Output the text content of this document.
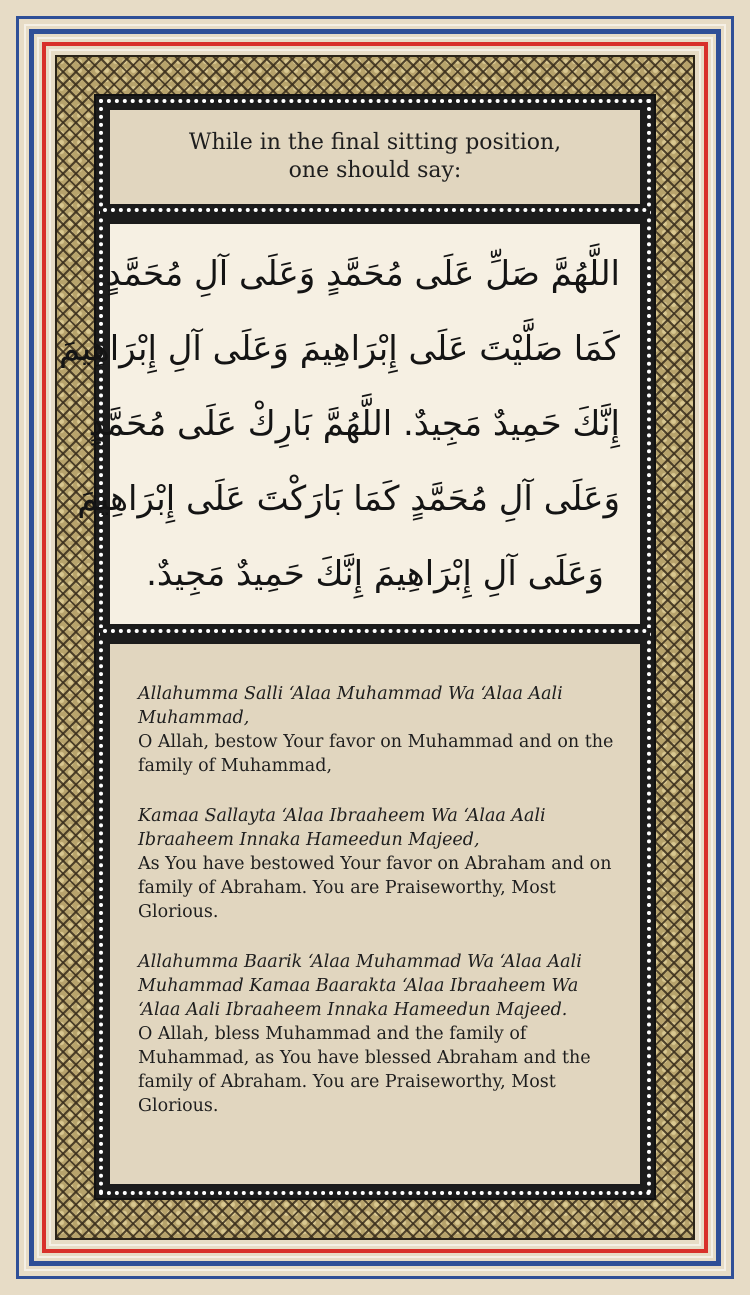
While in the final sitting position,
one should say:
اللَّهُمَّ صَلِّ عَلَى مُحَمَّدٍ وَعَلَى آلِ مُحَمَّدٍ
كَمَا صَلَّيْتَ عَلَى إِبْرَاهِيمَ وَعَلَى آلِ إِبْرَاهِيمَ
إِنَّكَ حَمِيدٌ مَجِيدٌ. اللَّهُمَّ بَارِكْ عَلَى مُحَمَّدٍ
وَعَلَى آلِ مُحَمَّدٍ كَمَا بَارَكْتَ عَلَى إِبْرَاهِيمَ
وَعَلَى آلِ إِبْرَاهِيمَ إِنَّكَ حَمِيدٌ مَجِيدٌ.

Allahumma Salli ‘Alaa Muhammad Wa ‘Alaa Aali Muhammad,
O Allah, bestow Your favor on Muhammad and on the family of Muhammad,

Kamaa Sallayta ‘Alaa Ibraaheem Wa ‘Alaa Aali Ibraaheem Innaka Hameedun Majeed,
As You have bestowed Your favor on Abraham and on family of Abraham. You are Praiseworthy, Most Glorious.

Allahumma Baarik ‘Alaa Muhammad Wa ‘Alaa Aali Muhammad Kamaa Baarakta ‘Alaa Ibraaheem Wa ‘Alaa Aali Ibraaheem Innaka Hameedun Majeed.
O Allah, bless Muhammad and the family of Muhammad, as You have blessed Abraham and the family of Abraham. You are Praiseworthy, Most Glorious.
